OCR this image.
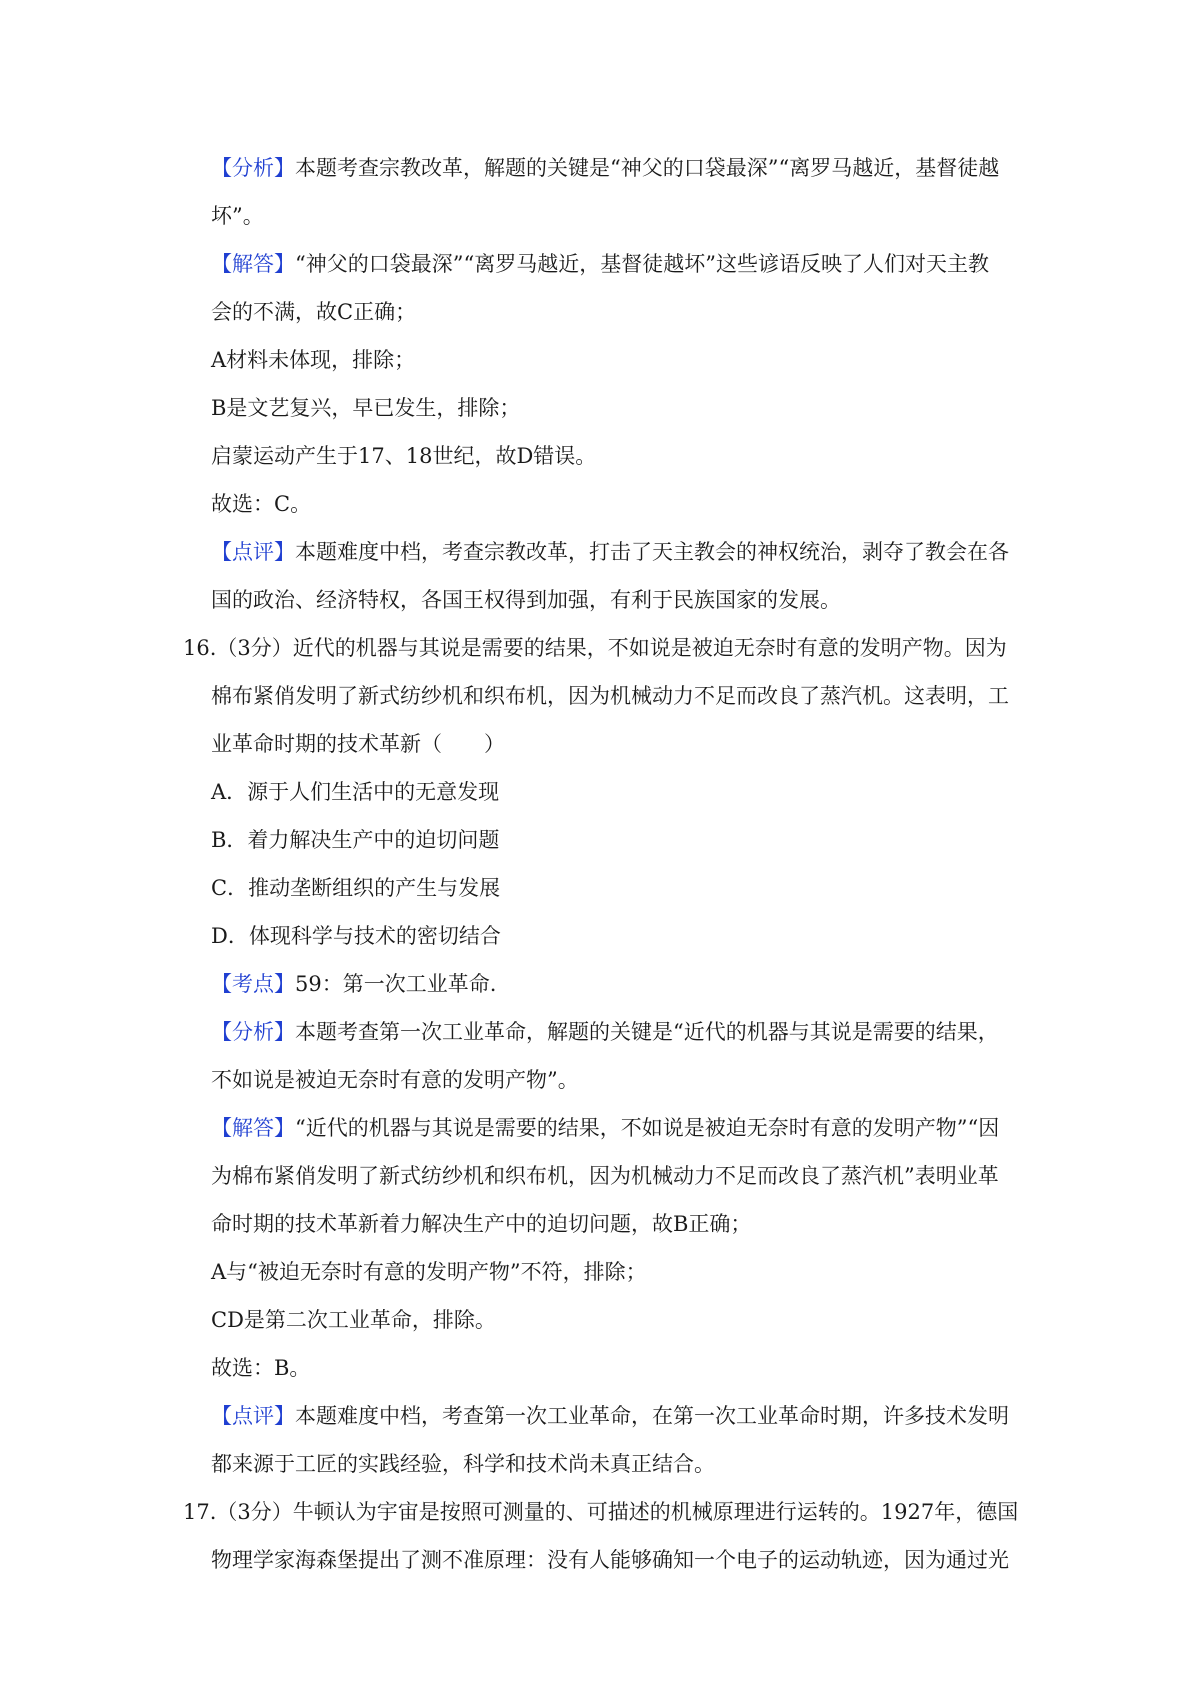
【分析】本题考查宗教改革，解题的关键是“神父的口袋最深”“离罗马越近，基督徒越
坏”。
【解答】“神父的口袋最深”“离罗马越近，基督徒越坏”这些谚语反映了人们对天主教
会的不满，故C正确；
A材料未体现，排除；
B是文艺复兴，早已发生，排除；
启蒙运动产生于17、18世纪，故D错误。
故选：C。
【点评】本题难度中档，考查宗教改革，打击了天主教会的神权统治，剥夺了教会在各
国的政治、经济特权，各国王权得到加强，有利于民族国家的发展。
16.（3分）近代的机器与其说是需要的结果，不如说是被迫无奈时有意的发明产物。因为
棉布紧俏发明了新式纺纱机和织布机，因为机械动力不足而改良了蒸汽机。这表明，工
业革命时期的技术革新（　　）
A．源于人们生活中的无意发现
B．着力解决生产中的迫切问题
C．推动垄断组织的产生与发展
D．体现科学与技术的密切结合
【考点】59：第一次工业革命.
【分析】本题考查第一次工业革命，解题的关键是“近代的机器与其说是需要的结果，
不如说是被迫无奈时有意的发明产物”。
【解答】“近代的机器与其说是需要的结果，不如说是被迫无奈时有意的发明产物”“因
为棉布紧俏发明了新式纺纱机和织布机，因为机械动力不足而改良了蒸汽机”表明业革
命时期的技术革新着力解决生产中的迫切问题，故B正确；
A与“被迫无奈时有意的发明产物”不符，排除；
CD是第二次工业革命，排除。
故选：B。
【点评】本题难度中档，考查第一次工业革命，在第一次工业革命时期，许多技术发明
都来源于工匠的实践经验，科学和技术尚未真正结合。
17.（3分）牛顿认为宇宙是按照可测量的、可描述的机械原理进行运转的。1927年，德国
物理学家海森堡提出了测不准原理：没有人能够确知一个电子的运动轨迹，因为通过光
